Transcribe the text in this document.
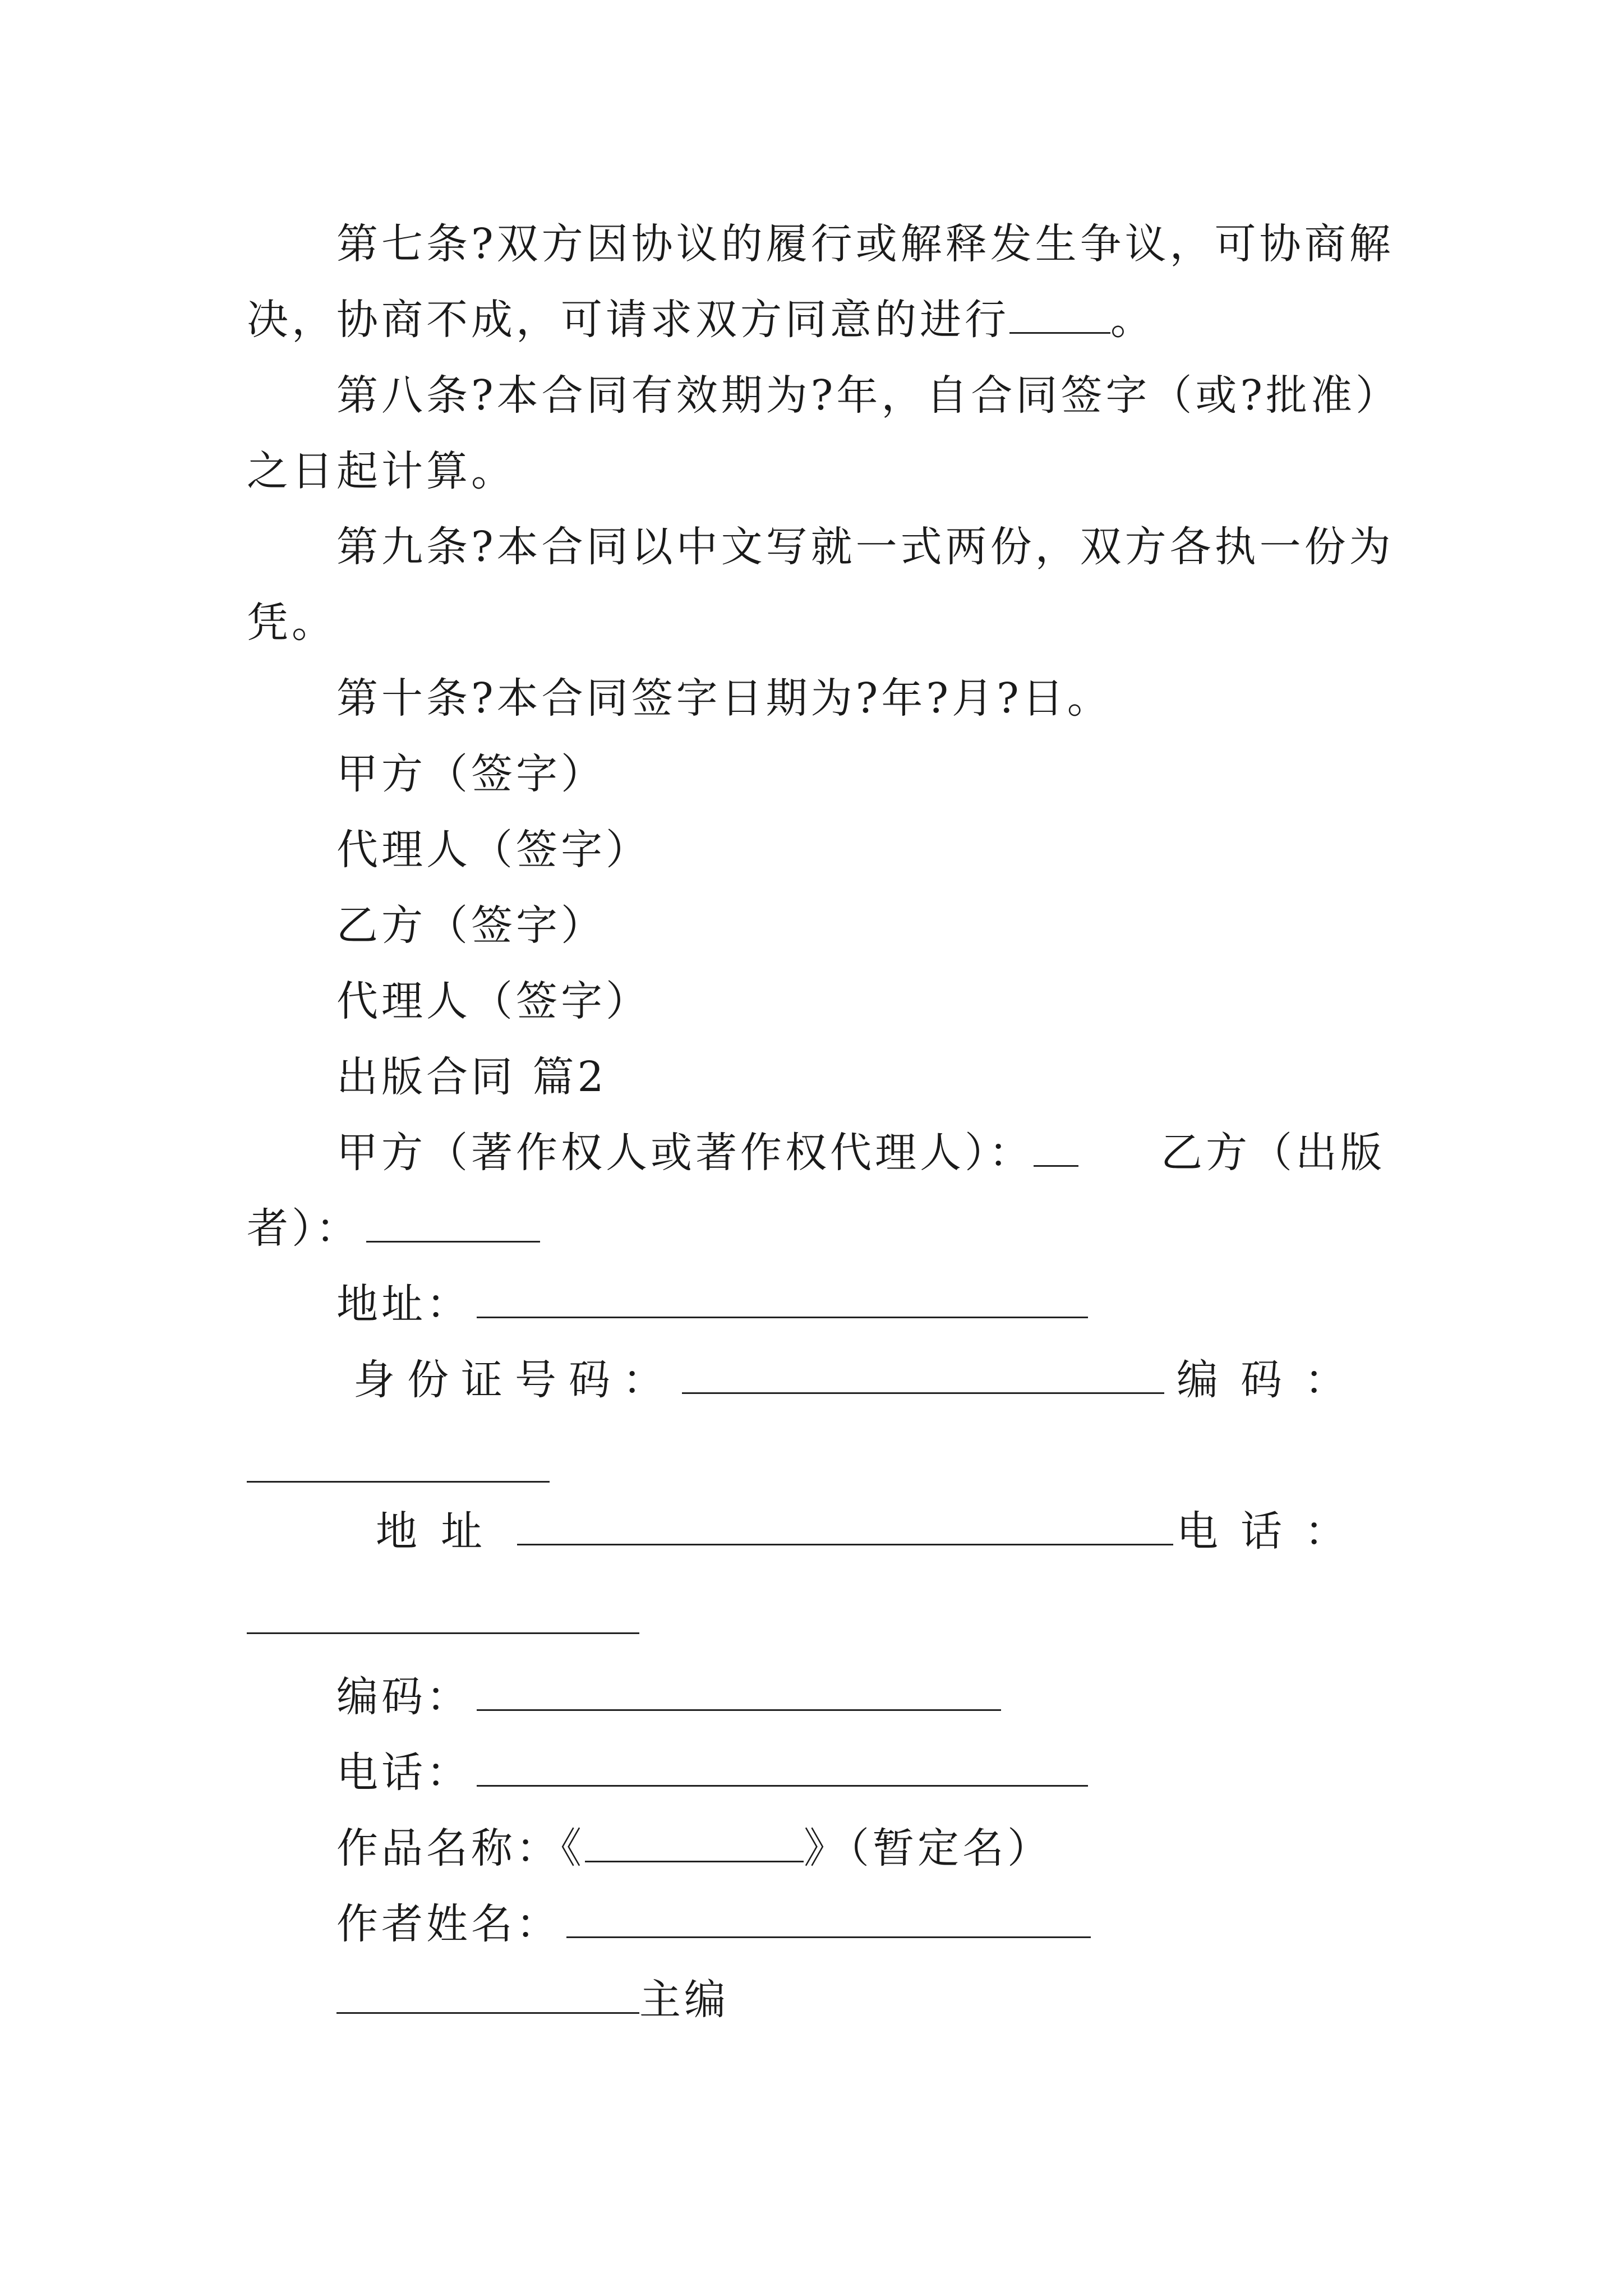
第七条?双方因协议的履行或解释发生争议，可协商解
决，协商不成，可请求双方同意的进行 。
第八条?本合同有效期为?年，自合同签字（或?批准）
之日起计算。
第九条?本合同以中文写就一式两份，双方各执一份为
凭。
第十条?本合同签字日期为?年?月?日。
甲方（签字）
代理人（签字）
乙方（签字）
代理人（签字）
出版合同 篇2
甲方（著作权人或著作权代理人）：	乙方（出版
者）：
地址：
身份证号码：	编码：
地址	电话：
编码：
电话：
作品名称：《	》（暂定名）
作者姓名：
主编
